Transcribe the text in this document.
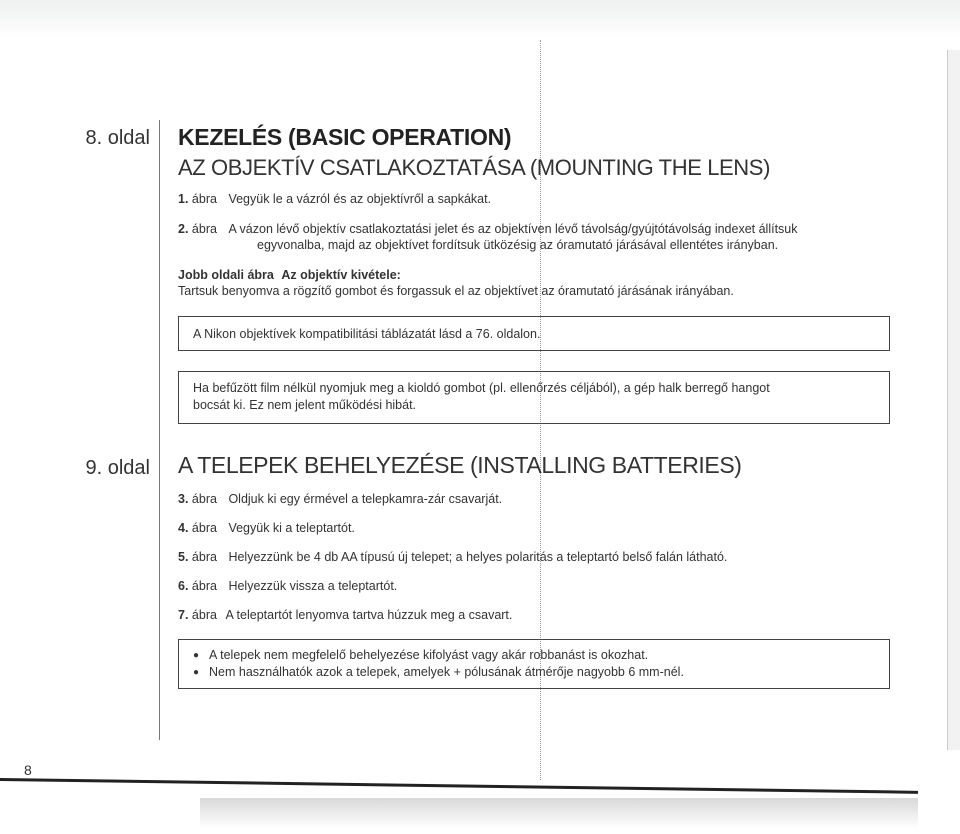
8. oldal
9. oldal
KEZELÉS (BASIC OPERATION)
AZ OBJEKTÍV CSATLAKOZTATÁSA (MOUNTING THE LENS)
1. ábra Vegyük le a vázról és az objektívről a sapkákat.
2. ábra A vázon lévő objektív csatlakoztatási jelet és az objektíven lévő távolság/gyújtótávolság indexet állítsuk
egyvonalba, majd az objektívet fordítsuk ütközésig az óramutató járásával ellentétes irányban.
Jobb oldali ábra Az objektív kivétele:
Tartsuk benyomva a rögzítő gombot és forgassuk el az objektívet az óramutató járásának irányában.
A Nikon objektívek kompatibilitási táblázatát lásd a 76. oldalon.
Ha befűzött film nélkül nyomjuk meg a kioldó gombot (pl. ellenőrzés céljából), a gép halk berregő hangot
bocsát ki. Ez nem jelent működési hibát.
A TELEPEK BEHELYEZÉSE (INSTALLING BATTERIES)
3. ábra Oldjuk ki egy érmével a telepkamra-zár csavarját.
4. ábra Vegyük ki a teleptartót.
5. ábra Helyezzünk be 4 db AA típusú új telepet; a helyes polaritás a teleptartó belső falán látható.
6. ábra Helyezzük vissza a teleptartót.
7. ábra A teleptartót lenyomva tartva húzzuk meg a csavart.
● A telepek nem megfelelő behelyezése kifolyást vagy akár robbanást is okozhat.
● Nem használhatók azok a telepek, amelyek + pólusának átmérője nagyobb 6 mm-nél.
8
